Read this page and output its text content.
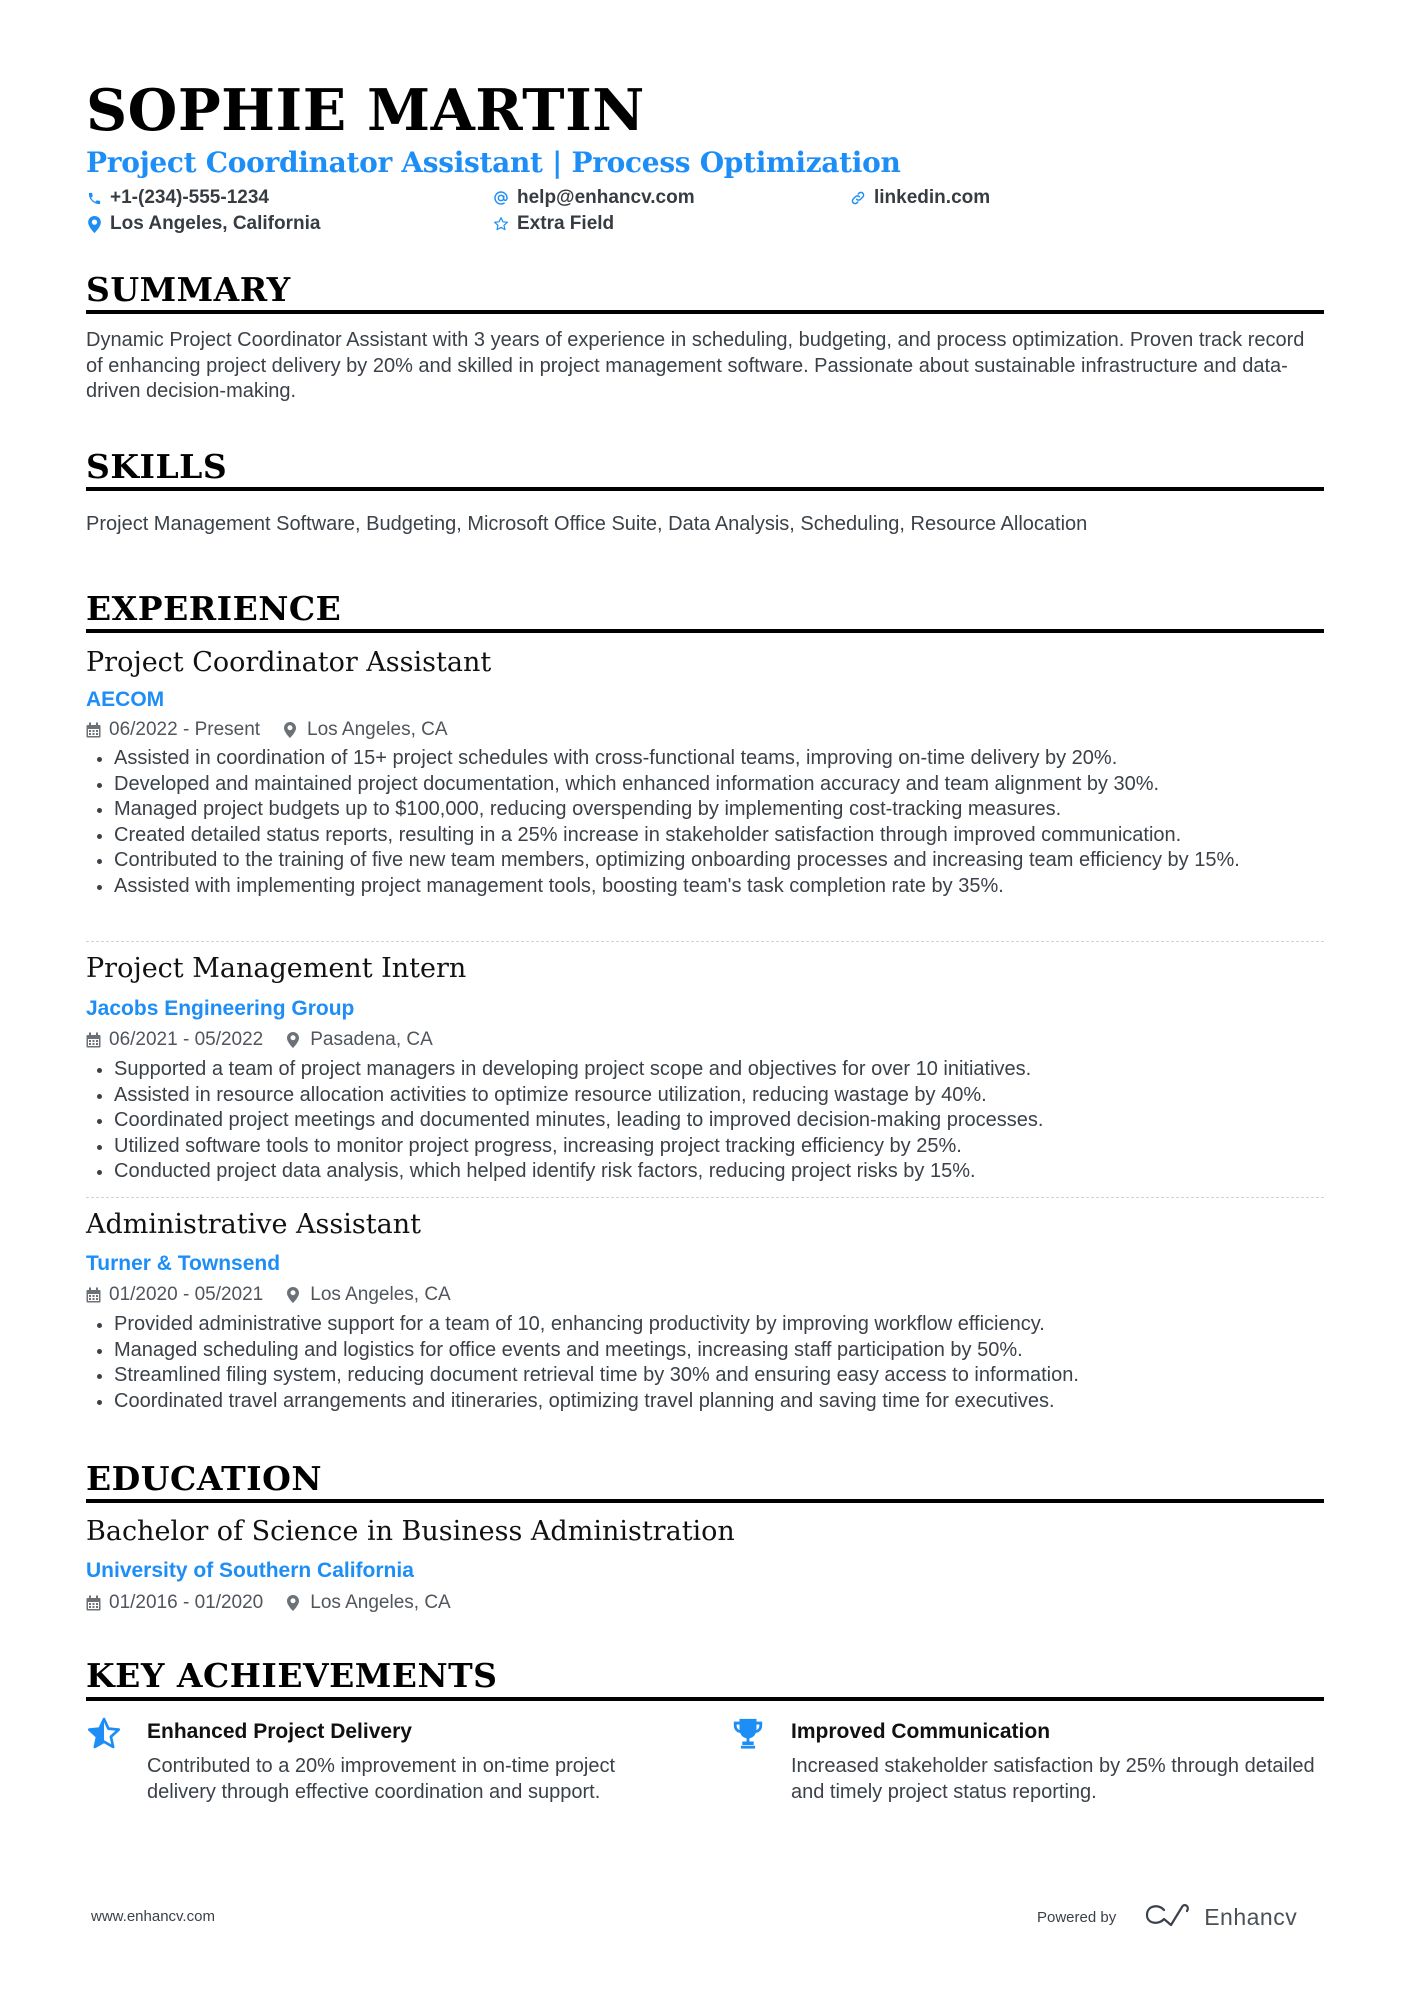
SOPHIE MARTIN
Project Coordinator Assistant | Process Optimization
+1-(234)-555-1234	help@enhancv.com	linkedin.com
Los Angeles, California	Extra Field
SUMMARY
Dynamic Project Coordinator Assistant with 3 years of experience in scheduling, budgeting, and process optimization. Proven track record of enhancing project delivery by 20% and skilled in project management software. Passionate about sustainable infrastructure and data-driven decision-making.
SKILLS
Project Management Software, Budgeting, Microsoft Office Suite, Data Analysis, Scheduling, Resource Allocation
EXPERIENCE
Project Coordinator Assistant
AECOM
06/2022 - Present Los Angeles, CA
Assisted in coordination of 15+ project schedules with cross-functional teams, improving on-time delivery by 20%.
Developed and maintained project documentation, which enhanced information accuracy and team alignment by 30%.
Managed project budgets up to $100,000, reducing overspending by implementing cost-tracking measures.
Created detailed status reports, resulting in a 25% increase in stakeholder satisfaction through improved communication.
Contributed to the training of five new team members, optimizing onboarding processes and increasing team efficiency by 15%.
Assisted with implementing project management tools, boosting team's task completion rate by 35%.
Project Management Intern
Jacobs Engineering Group
06/2021 - 05/2022 Pasadena, CA
Supported a team of project managers in developing project scope and objectives for over 10 initiatives.
Assisted in resource allocation activities to optimize resource utilization, reducing wastage by 40%.
Coordinated project meetings and documented minutes, leading to improved decision-making processes.
Utilized software tools to monitor project progress, increasing project tracking efficiency by 25%.
Conducted project data analysis, which helped identify risk factors, reducing project risks by 15%.
Administrative Assistant
Turner & Townsend
01/2020 - 05/2021 Los Angeles, CA
Provided administrative support for a team of 10, enhancing productivity by improving workflow efficiency.
Managed scheduling and logistics for office events and meetings, increasing staff participation by 50%.
Streamlined filing system, reducing document retrieval time by 30% and ensuring easy access to information.
Coordinated travel arrangements and itineraries, optimizing travel planning and saving time for executives.
EDUCATION
Bachelor of Science in Business Administration
University of Southern California
01/2016 - 01/2020 Los Angeles, CA
KEY ACHIEVEMENTS
Enhanced Project Delivery
Contributed to a 20% improvement in on-time project delivery through effective coordination and support.
Improved Communication
Increased stakeholder satisfaction by 25% through detailed and timely project status reporting.
www.enhancv.com	Powered by	Enhancv
